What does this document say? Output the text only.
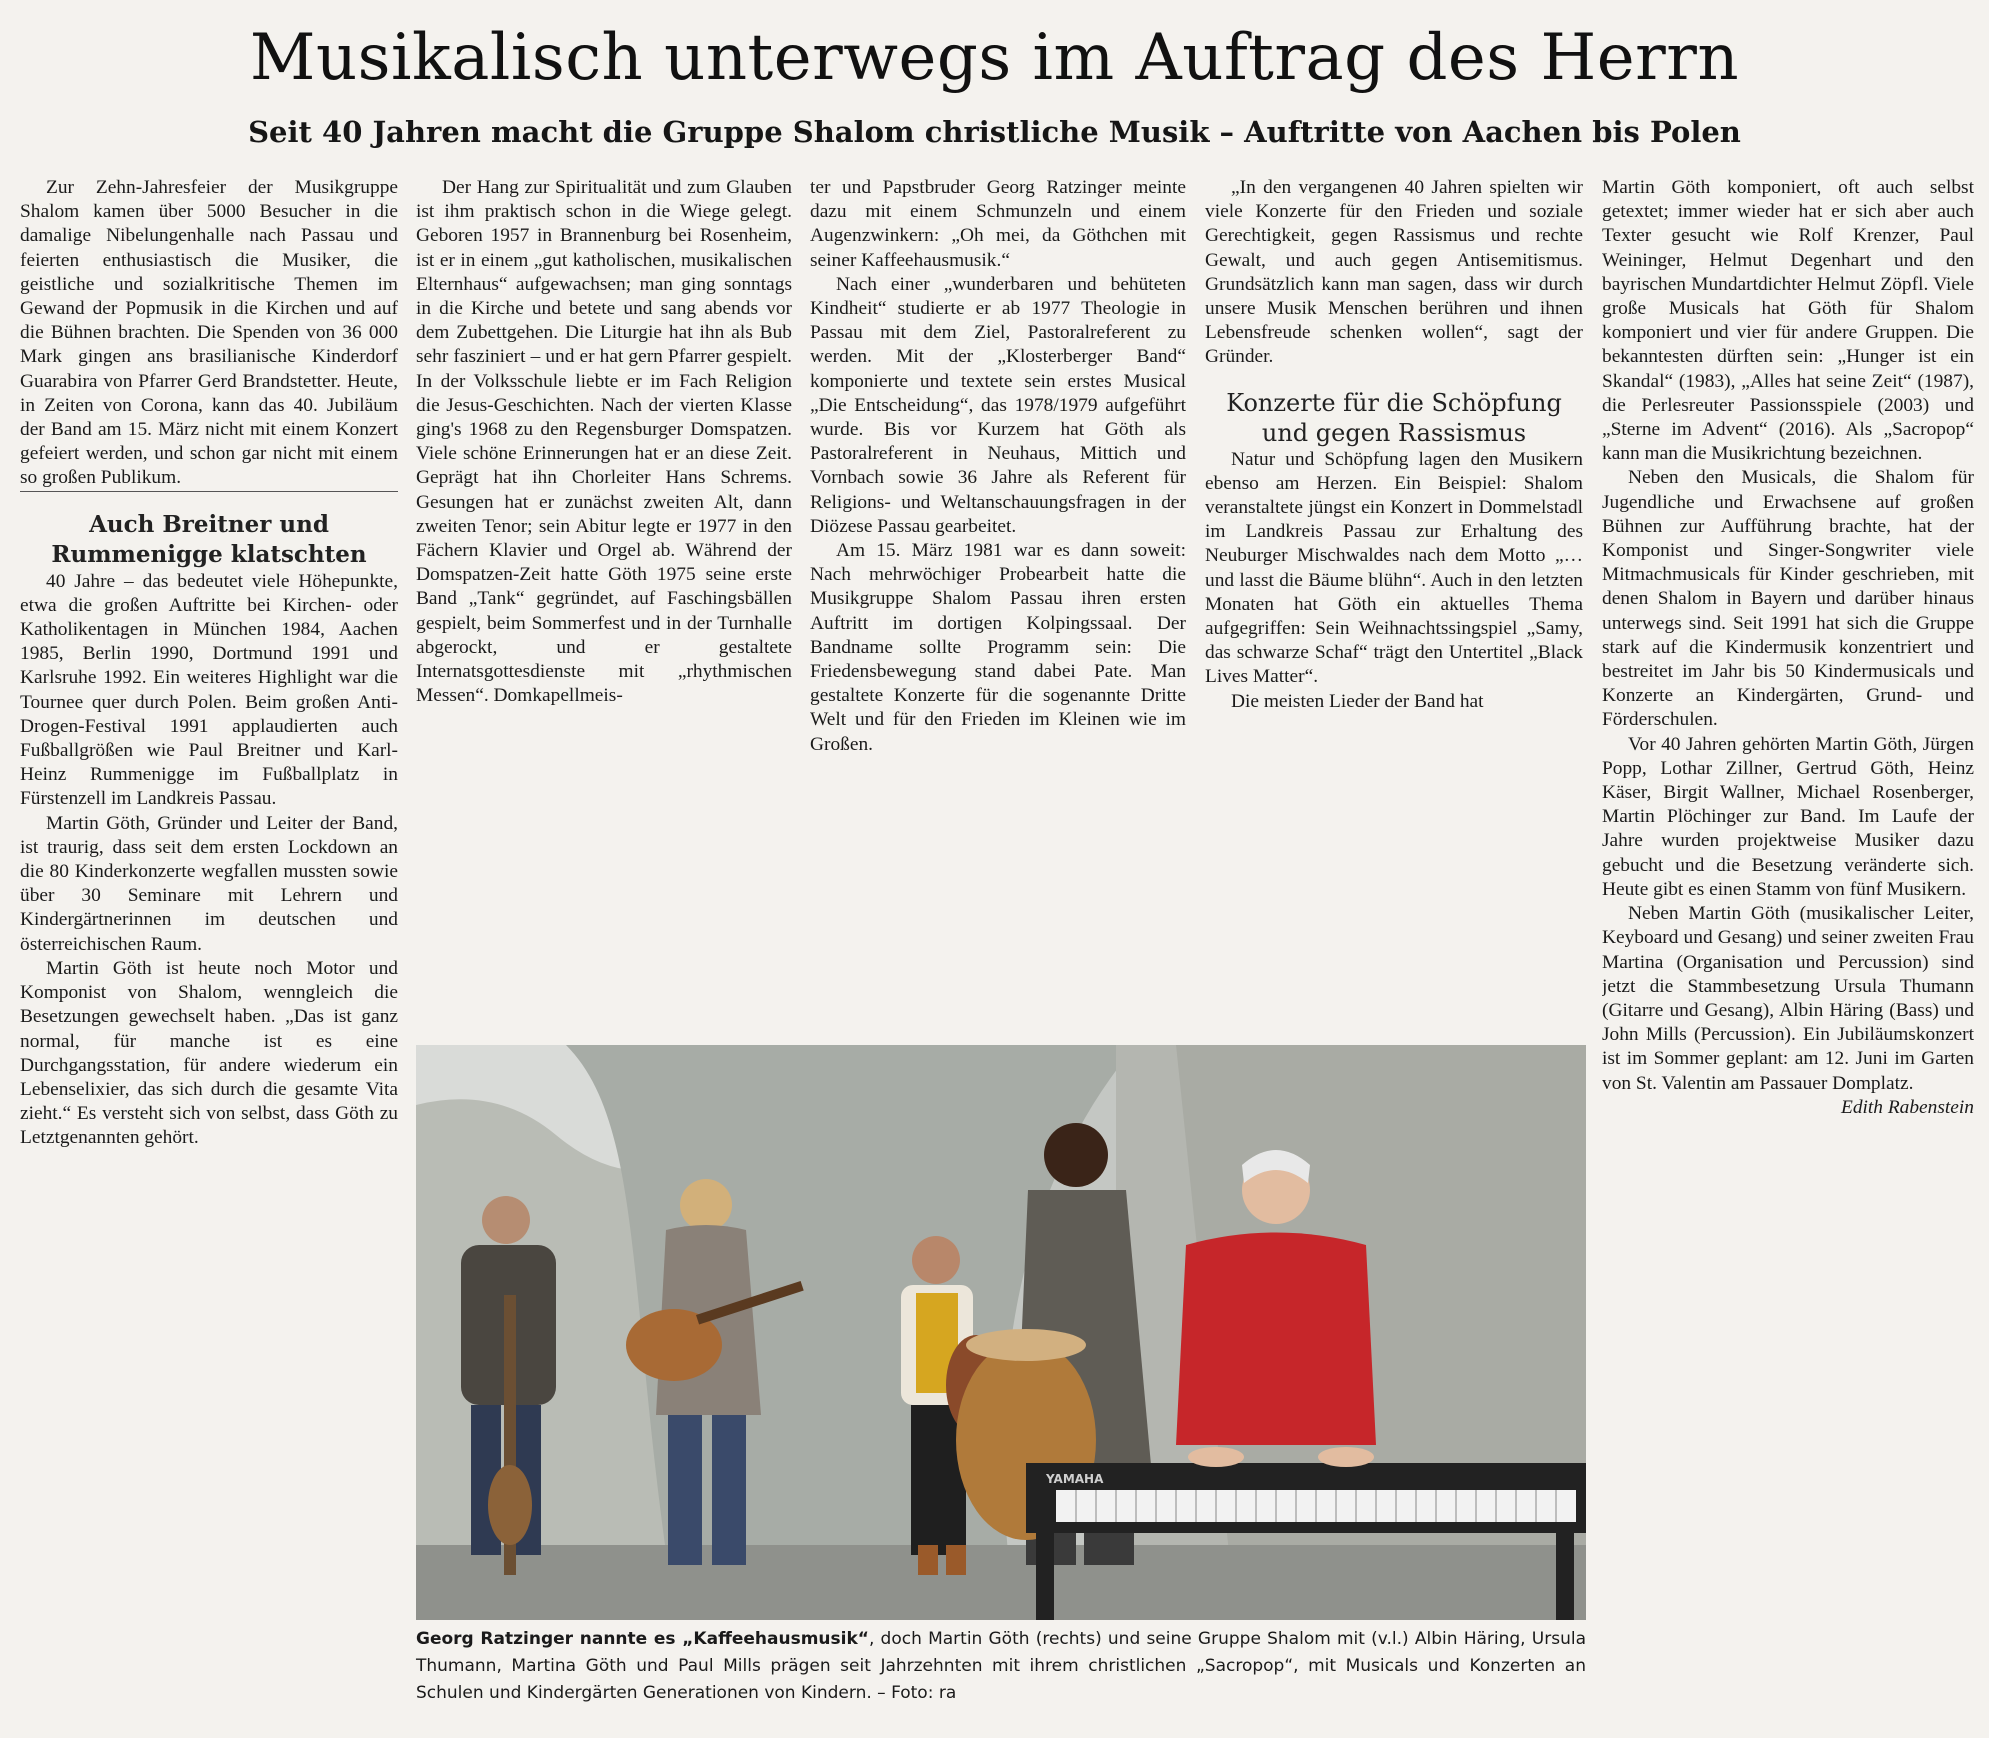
Musikalisch unterwegs im Auftrag des Herrn
Seit 40 Jahren macht die Gruppe Shalom christliche Musik – Auftritte von Aachen bis Polen

Zur Zehn-Jahresfeier der Musikgruppe Shalom kamen über 5000 Besucher in die damalige Nibelungenhalle nach Passau und feierten enthusiastisch die Musiker, die geistliche und sozialkritische Themen im Gewand der Popmusik in die Kirchen und auf die Bühnen brachten. Die Spenden von 36 000 Mark gingen ans brasilianische Kinderdorf Guarabira von Pfarrer Gerd Brandstetter. Heute, in Zeiten von Corona, kann das 40. Jubiläum der Band am 15. März nicht mit einem Konzert gefeiert werden, und schon gar nicht mit einem so großen Publikum.

Auch Breitner und Rummenigge klatschten

40 Jahre – das bedeutet viele Höhepunkte, etwa die großen Auftritte bei Kirchen- oder Katholikentagen in München 1984, Aachen 1985, Berlin 1990, Dortmund 1991 und Karlsruhe 1992. Ein weiteres Highlight war die Tournee quer durch Polen. Beim großen Anti-Drogen-Festival 1991 applaudierten auch Fußballgrößen wie Paul Breitner und Karl-Heinz Rummenigge im Fußballplatz in Fürstenzell im Landkreis Passau.

Martin Göth, Gründer und Leiter der Band, ist traurig, dass seit dem ersten Lockdown an die 80 Kinderkonzerte wegfallen mussten sowie über 30 Seminare mit Lehrern und Kindergärtnerinnen im deutschen und österreichischen Raum.

Martin Göth ist heute noch Motor und Komponist von Shalom, wenngleich die Besetzungen gewechselt haben. „Das ist ganz normal, für manche ist es eine Durchgangsstation, für andere wiederum ein Lebenselixier, das sich durch die gesamte Vita zieht.“ Es versteht sich von selbst, dass Göth zu Letztgenannten gehört.

Der Hang zur Spiritualität und zum Glauben ist ihm praktisch schon in die Wiege gelegt. Geboren 1957 in Brannenburg bei Rosenheim, ist er in einem „gut katholischen, musikalischen Elternhaus“ aufgewachsen; man ging sonntags in die Kirche und betete und sang abends vor dem Zubettgehen. Die Liturgie hat ihn als Bub sehr fasziniert – und er hat gern Pfarrer gespielt. In der Volksschule liebte er im Fach Religion die Jesus-Geschichten. Nach der vierten Klasse ging's 1968 zu den Regensburger Domspatzen. Viele schöne Erinnerungen hat er an diese Zeit. Geprägt hat ihn Chorleiter Hans Schrems. Gesungen hat er zunächst zweiten Alt, dann zweiten Tenor; sein Abitur legte er 1977 in den Fächern Klavier und Orgel ab. Während der Domspatzen-Zeit hatte Göth 1975 seine erste Band „Tank“ gegründet, auf Faschingsbällen gespielt, beim Sommerfest und in der Turnhalle abgerockt, und er gestaltete Internatsgottesdienste mit „rhythmischen Messen“. Domkapellmeis-

ter und Papstbruder Georg Ratzinger meinte dazu mit einem Schmunzeln und einem Augenzwinkern: „Oh mei, da Göthchen mit seiner Kaffeehausmusik.“

Nach einer „wunderbaren und behüteten Kindheit“ studierte er ab 1977 Theologie in Passau mit dem Ziel, Pastoralreferent zu werden. Mit der „Klosterberger Band“ komponierte und textete sein erstes Musical „Die Entscheidung“, das 1978/1979 aufgeführt wurde. Bis vor Kurzem hat Göth als Pastoralreferent in Neuhaus, Mittich und Vornbach sowie 36 Jahre als Referent für Religions- und Weltanschauungsfragen in der Diözese Passau gearbeitet.

Am 15. März 1981 war es dann soweit: Nach mehrwöchiger Probearbeit hatte die Musikgruppe Shalom Passau ihren ersten Auftritt im dortigen Kolpingssaal. Der Bandname sollte Programm sein: Die Friedensbewegung stand dabei Pate. Man gestaltete Konzerte für die sogenannte Dritte Welt und für den Frieden im Kleinen wie im Großen.

„In den vergangenen 40 Jahren spielten wir viele Konzerte für den Frieden und soziale Gerechtigkeit, gegen Rassismus und rechte Gewalt, und auch gegen Antisemitismus. Grundsätzlich kann man sagen, dass wir durch unsere Musik Menschen berühren und ihnen Lebensfreude schenken wollen“, sagt der Gründer.

Konzerte für die Schöpfung und gegen Rassismus

Natur und Schöpfung lagen den Musikern ebenso am Herzen. Ein Beispiel: Shalom veranstaltete jüngst ein Konzert in Dommelstadl im Landkreis Passau zur Erhaltung des Neuburger Mischwaldes nach dem Motto „… und lasst die Bäume blühn“. Auch in den letzten Monaten hat Göth ein aktuelles Thema aufgegriffen: Sein Weihnachtssingspiel „Samy, das schwarze Schaf“ trägt den Untertitel „Black Lives Matter“.

Die meisten Lieder der Band hat

Martin Göth komponiert, oft auch selbst getextet; immer wieder hat er sich aber auch Texter gesucht wie Rolf Krenzer, Paul Weininger, Helmut Degenhart und den bayrischen Mundartdichter Helmut Zöpfl. Viele große Musicals hat Göth für Shalom komponiert und vier für andere Gruppen. Die bekanntesten dürften sein: „Hunger ist ein Skandal“ (1983), „Alles hat seine Zeit“ (1987), die Perlesreuter Passionsspiele (2003) und „Sterne im Advent“ (2016). Als „Sacropop“ kann man die Musikrichtung bezeichnen.

Neben den Musicals, die Shalom für Jugendliche und Erwachsene auf großen Bühnen zur Aufführung brachte, hat der Komponist und Singer-Songwriter viele Mitmachmusicals für Kinder geschrieben, mit denen Shalom in Bayern und darüber hinaus unterwegs sind. Seit 1991 hat sich die Gruppe stark auf die Kindermusik konzentriert und bestreitet im Jahr bis 50 Kindermusicals und Konzerte an Kindergärten, Grund- und Förderschulen.

Vor 40 Jahren gehörten Martin Göth, Jürgen Popp, Lothar Zillner, Gertrud Göth, Heinz Käser, Birgit Wallner, Michael Rosenberger, Martin Plöchinger zur Band. Im Laufe der Jahre wurden projektweise Musiker dazu gebucht und die Besetzung veränderte sich. Heute gibt es einen Stamm von fünf Musikern.

Neben Martin Göth (musikalischer Leiter, Keyboard und Gesang) und seiner zweiten Frau Martina (Organisation und Percussion) sind jetzt die Stammbesetzung Ursula Thumann (Gitarre und Gesang), Albin Häring (Bass) und John Mills (Percussion). Ein Jubiläumskonzert ist im Sommer geplant: am 12. Juni im Garten von St. Valentin am Passauer Domplatz.

Edith Rabenstein

YAMAHA
Georg Ratzinger nannte es „Kaffeehausmusik“, doch Martin Göth (rechts) und seine Gruppe Shalom mit (v.l.) Albin Häring, Ursula Thumann, Martina Göth und Paul Mills prägen seit Jahrzehnten mit ihrem christlichen „Sacropop“, mit Musicals und Konzerten an Schulen und Kindergärten Generationen von Kindern. – Foto: ra
